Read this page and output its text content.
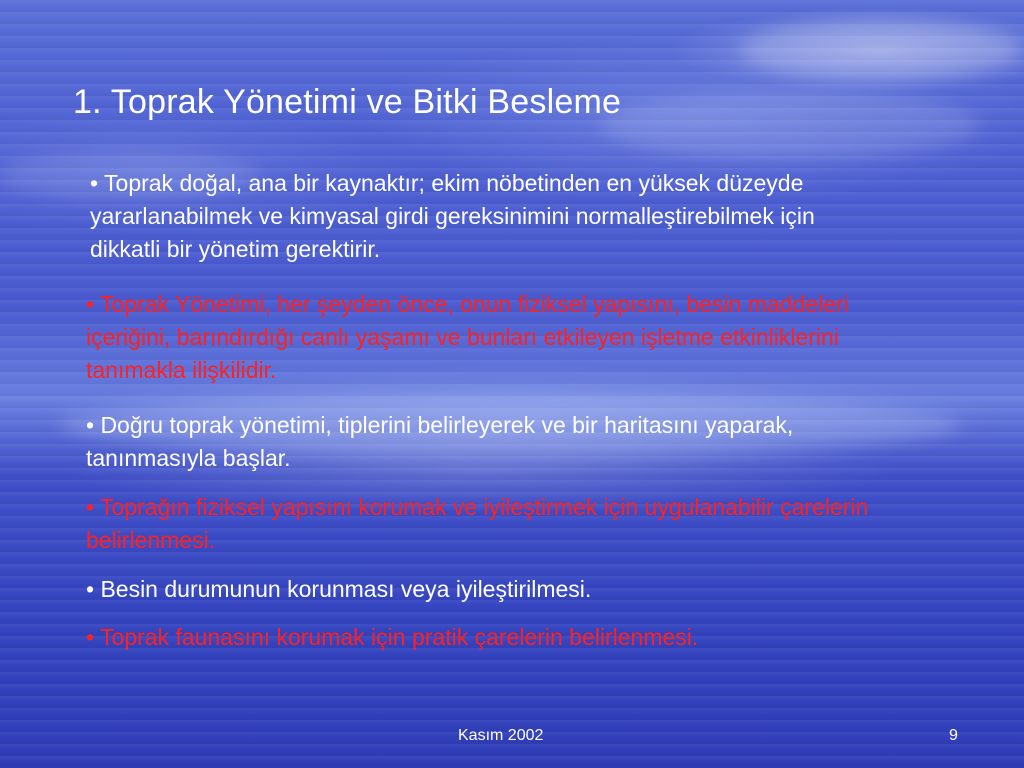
1. Toprak Yönetimi ve Bitki Besleme
• Toprak doğal, ana bir kaynaktır; ekim nöbetinden en yüksek düzeyde yararlanabilmek ve kimyasal girdi gereksinimini normalleştirebilmek için dikkatli bir yönetim gerektirir.
• Toprak Yönetimi, her şeyden önce, onun fiziksel yapısını, besin maddeleri içeriğini, barındırdığı canlı yaşamı ve bunları etkileyen işletme etkinliklerini tanımakla ilişkilidir.
• Doğru toprak yönetimi, tiplerini belirleyerek ve bir haritasını yaparak, tanınmasıyla başlar.
• Toprağın fiziksel yapısını korumak ve iyileştirmek için uygulanabilir çarelerin belirlenmesi.
• Besin durumunun korunması veya iyileştirilmesi.
• Toprak faunasını korumak için pratik çarelerin belirlenmesi.
Kasım 2002	9
